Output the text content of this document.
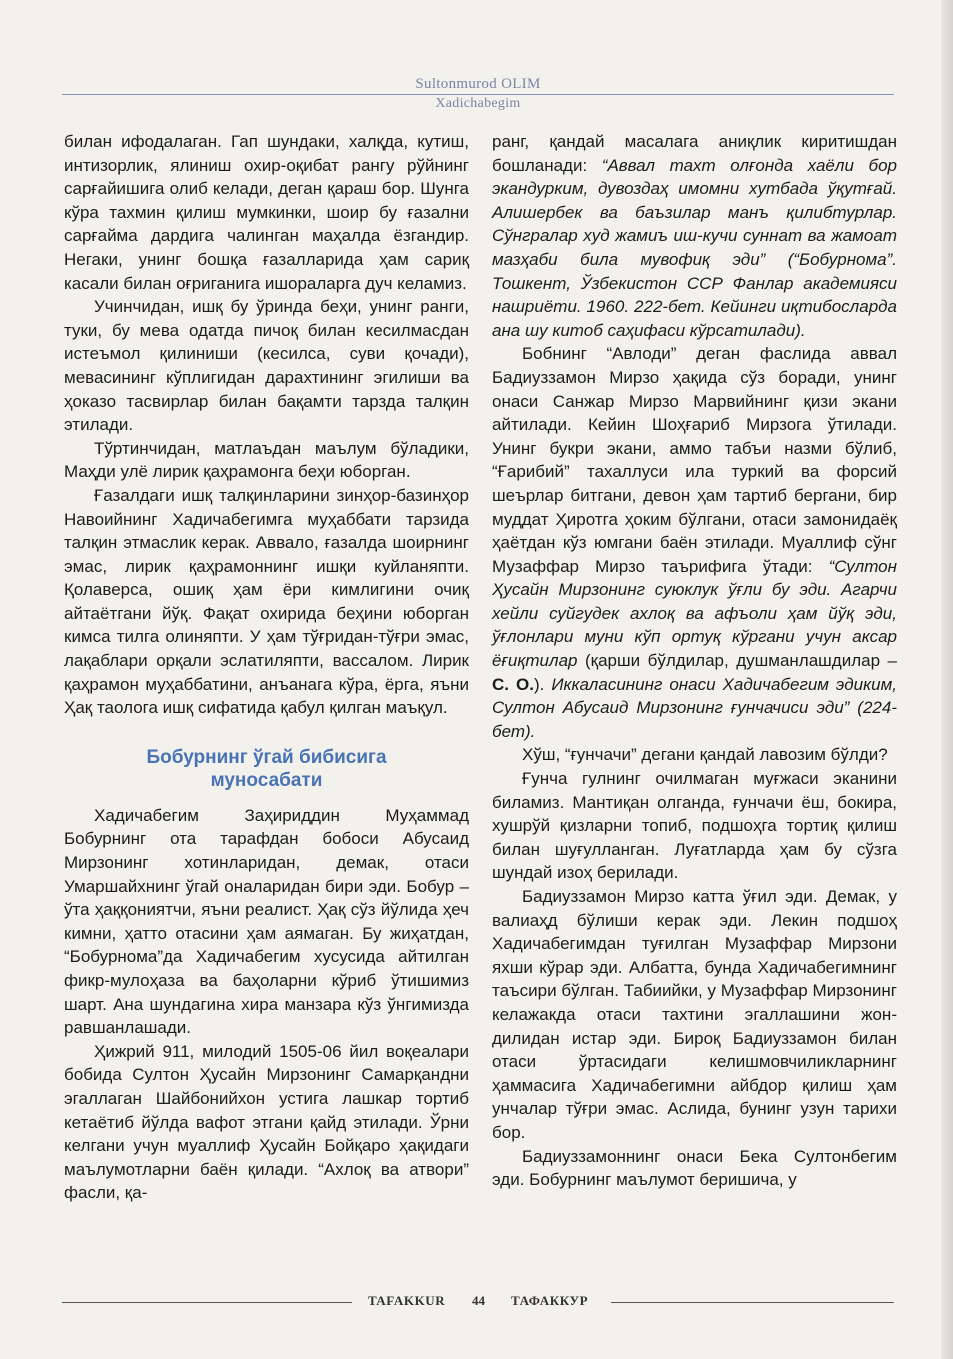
Sultonmurod OLIM
Xadichabegim

билан ифодалаган. Гап шундаки, халқда, кутиш, интизорлик, ялиниш охир-оқибат рангу рўйнинг сарғайишига олиб келади, деган қараш бор. Шунга кўра тахмин қилиш мумкинки, шоир бу ғазални сарғайма дардига чалинган маҳалда ёзгандир. Негаки, унинг бошқа ғазалларида ҳам сариқ касали билан оғриганига ишораларга дуч келамиз.

Учинчидан, ишқ бу ўринда беҳи, унинг ранги, туки, бу мева одатда пичоқ билан кесилмасдан истеъмол қилиниши (кесилса, суви қочади), мевасининг кўплигидан дарахтининг эгилиши ва ҳоказо тасвирлар билан бақамти тарзда талқин этилади.

Тўртинчидан, матлаъдан маълум бўладики, Маҳди улё лирик қаҳрамонга беҳи юборган.

Ғазалдаги ишқ талқинларини зинҳор-базинҳор Навоийнинг Хадичабегимга муҳаббати тарзида талқин этмаслик керак. Аввало, ғазалда шоирнинг эмас, лирик қаҳрамоннинг ишқи куйланяпти. Қолаверса, ошиқ ҳам ёри кимлигини очиқ айтаётгани йўқ. Фақат охирида беҳини юборган кимса тилга олиняпти. У ҳам тўғридан-тўғри эмас, лақаблари орқали эслатиляпти, вассалом. Лирик қаҳрамон муҳаббатини, анъанага кўра, ёрга, яъни Ҳақ таолога ишқ сифатида қабул қилган маъқул.

Бобурнинг ўгай бибисига
муносабати

Хадичабегим Заҳириддин Муҳаммад Бобурнинг ота тарафдан бобоси Абусаид Мирзонинг хотинларидан, демак, отаси Умаршайхнинг ўгай оналаридан бири эди. Бобур – ўта ҳаққониятчи, яъни реалист. Ҳақ сўз йўлида ҳеч кимни, ҳатто отасини ҳам аямаган. Бу жиҳатдан, “Бобурнома”да Хадичабегим хусусида айтилган фикр-мулоҳаза ва баҳоларни кўриб ўтишимиз шарт. Ана шундагина хира манзара кўз ўнгимизда равшанлашади.

Ҳижрий 911, милодий 1505-06 йил воқеалари бобида Султон Ҳусайн Мирзонинг Самарқандни эгаллаган Шайбонийхон устига лашкар тортиб кетаётиб йўлда вафот этгани қайд этилади. Ўрни келгани учун муаллиф Ҳусайн Бойқаро ҳақидаги маълумотларни баён қилади. “Ахлоқ ва атвори” фасли, қа-

ранг, қандай масалага аниқлик киритишдан бошланади: “Аввал тахт олғонда хаёли бор экандурким, дувоздаҳ имомни хутбада ўқутғай. Алишербек ва баъзилар манъ қилибтурлар. Сўнгралар худ жамиъ иш-кучи суннат ва жамоат мазҳаби била мувофиқ эди” (“Бобурнома”. Тошкент, Ўзбекистон ССР Фанлар академияси нашриёти. 1960. 222-бет. Кейинги иқтибосларда ана шу китоб саҳифаси кўрсатилади).

Бобнинг “Авлоди” деган фаслида аввал Бадиуззамон Мирзо ҳақида сўз боради, унинг онаси Санжар Мирзо Марвийнинг қизи экани айтилади. Кейин Шоҳғариб Мирзога ўтилади. Унинг букри экани, аммо табъи назми бўлиб, “Ғарибий” тахаллуси ила туркий ва форсий шеърлар битгани, девон ҳам тартиб бергани, бир муддат Ҳиротга ҳоким бўлгани, отаси замонидаёқ ҳаётдан кўз юмгани баён этилади. Муаллиф сўнг Музаффар Мирзо таърифига ўтади: “Султон Ҳусайн Мирзонинг суюклук ўғли бу эди. Агарчи хейли суйгудек ахлоқ ва афъоли ҳам йўқ эди, ўғлонлари муни кўп ортуқ кўргани учун аксар ёғиқтилар (қарши бўлдилар, душманлашдилар – С. О.). Иккаласининг онаси Хадичабегим эдиким, Султон Абусаид Мирзонинг ғунчачиси эди” (224-бет).

Хўш, “ғунчачи” дегани қандай лавозим бўлди?

Ғунча гулнинг очилмаган муғжаси эканини биламиз. Мантиқан олганда, ғунчачи ёш, бокира, хушрўй қизларни топиб, подшоҳга тортиқ қилиш билан шуғулланган. Луғатларда ҳам бу сўзга шундай изоҳ берилади.

Бадиуззамон Мирзо катта ўғил эди. Демак, у валиаҳд бўлиши керак эди. Лекин подшоҳ Хадичабегимдан туғилган Музаффар Мирзони яхши кўрар эди. Албатта, бунда Хадичабегимнинг таъсири бўлган. Табиийки, у Музаффар Мирзонинг келажакда отаси тахтини эгаллашини жон-дилидан истар эди. Бироқ Бадиуззамон билан отаси ўртасидаги келишмовчиликларнинг ҳаммасига Хадичабегимни айбдор қилиш ҳам унчалар тўғри эмас. Аслида, бунинг узун тарихи бор.

Бадиуззамоннинг онаси Бека Султонбегим эди. Бобурнинг маълумот беришича, у

TAFAKKUR 44 ТАФАККУР
